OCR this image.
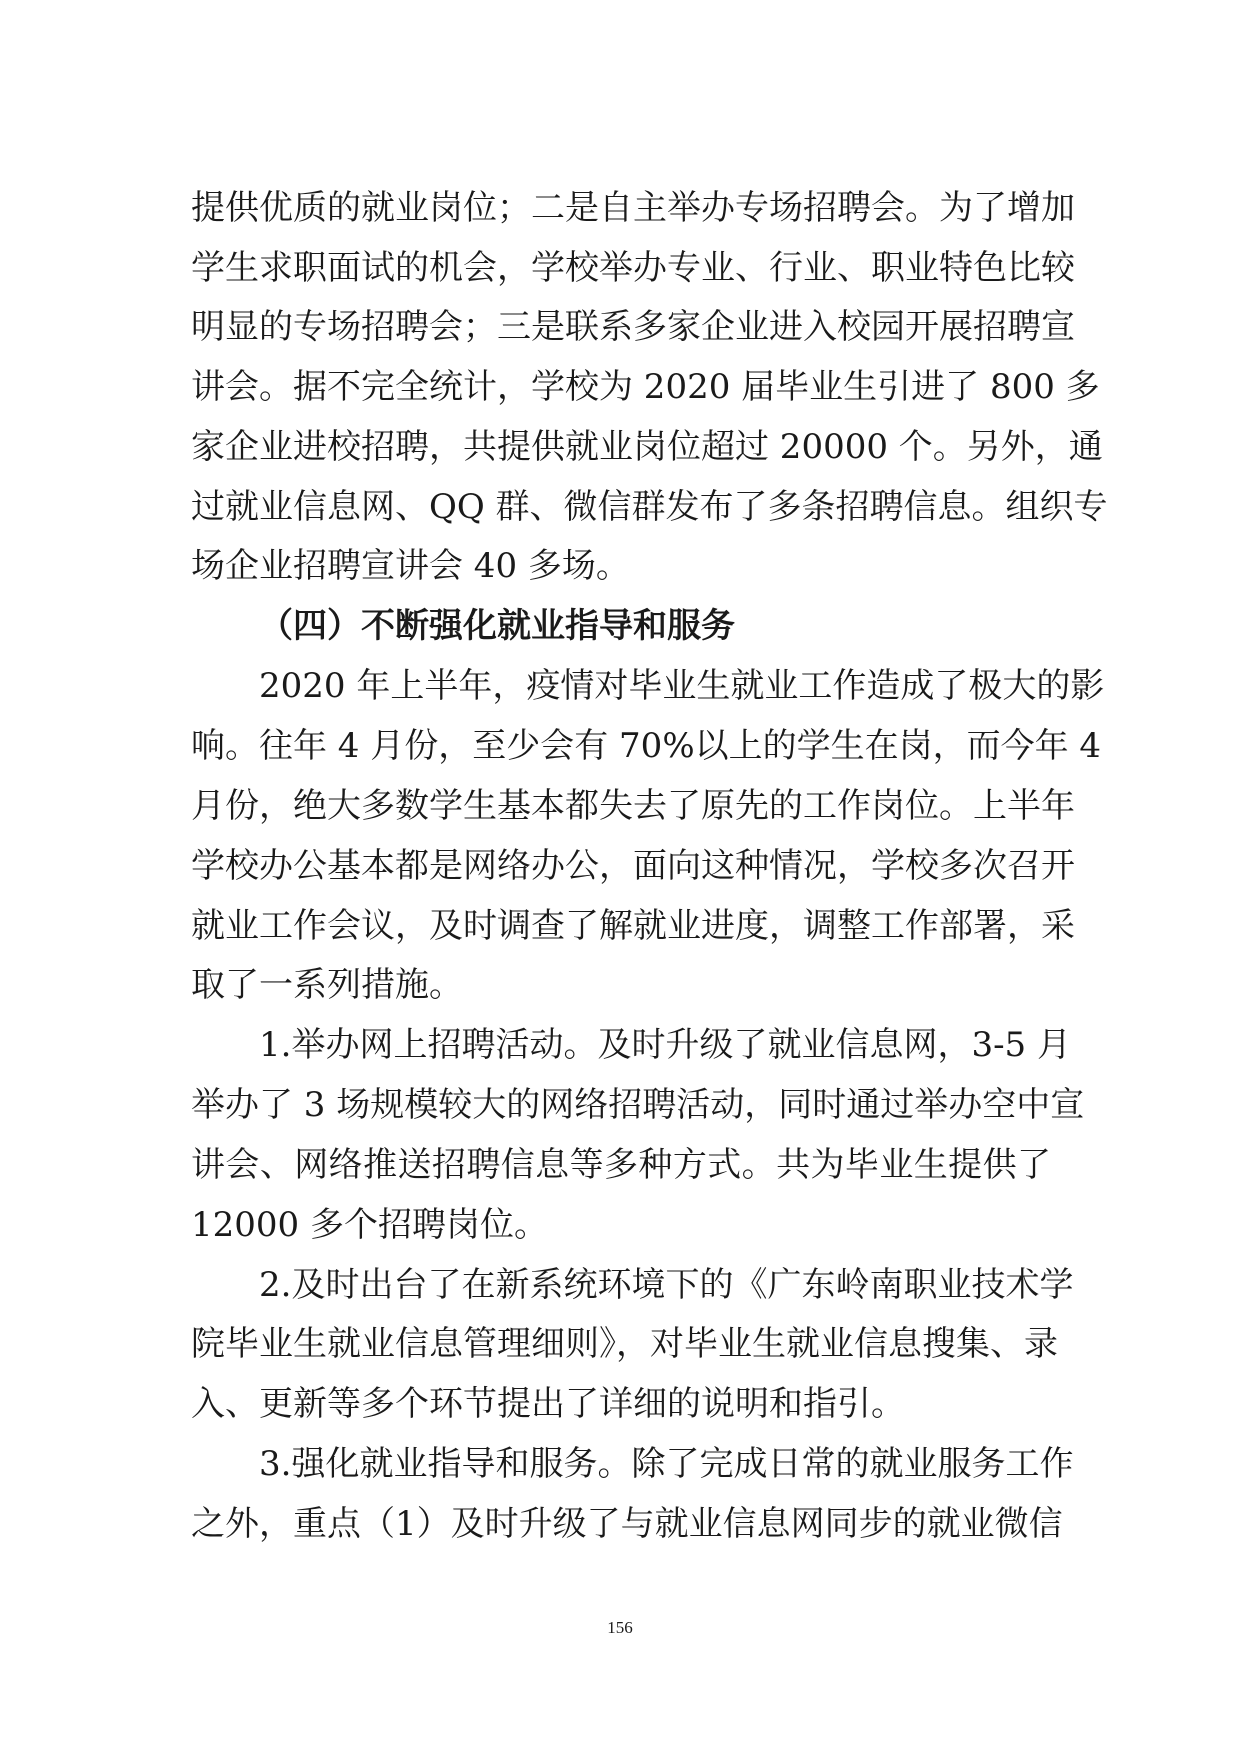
提供优质的就业岗位；二是自主举办专场招聘会。为了增加
学生求职面试的机会，学校举办专业、行业、职业特色比较
明显的专场招聘会；三是联系多家企业进入校园开展招聘宣
讲会。据不完全统计，学校为 2020 届毕业生引进了 800 多
家企业进校招聘，共提供就业岗位超过 20000 个。另外，通
过就业信息网、QQ 群、微信群发布了多条招聘信息。组织专
场企业招聘宣讲会 40 多场。
（四）不断强化就业指导和服务
2020 年上半年，疫情对毕业生就业工作造成了极大的影
响。往年 4 月份，至少会有 70%以上的学生在岗，而今年 4
月份，绝大多数学生基本都失去了原先的工作岗位。上半年
学校办公基本都是网络办公，面向这种情况，学校多次召开
就业工作会议，及时调查了解就业进度，调整工作部署，采
取了一系列措施。
1.举办网上招聘活动。及时升级了就业信息网，3-5 月
举办了 3 场规模较大的网络招聘活动，同时通过举办空中宣
讲会、网络推送招聘信息等多种方式。共为毕业生提供了
12000 多个招聘岗位。
2.及时出台了在新系统环境下的《广东岭南职业技术学
院毕业生就业信息管理细则》，对毕业生就业信息搜集、录
入、更新等多个环节提出了详细的说明和指引。
3.强化就业指导和服务。除了完成日常的就业服务工作
之外，重点（1）及时升级了与就业信息网同步的就业微信
156
